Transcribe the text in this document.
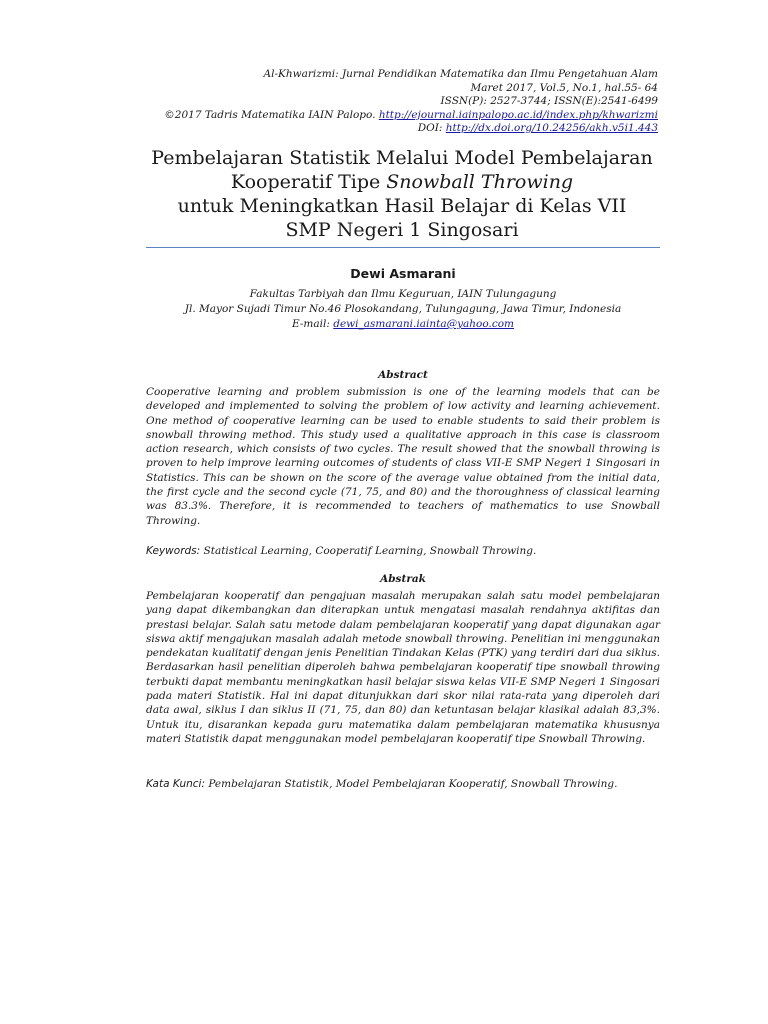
Al-Khwarizmi: Jurnal Pendidikan Matematika dan Ilmu Pengetahuan Alam
Maret 2017, Vol.5, No.1, hal.55- 64
ISSN(P): 2527-3744; ISSN(E):2541-6499
©2017 Tadris Matematika IAIN Palopo. http://ejournal.iainpalopo.ac.id/index.php/khwarizmi
DOI: http://dx.doi.org/10.24256/akh.v5i1.443
Pembelajaran Statistik Melalui Model Pembelajaran
Kooperatif Tipe Snowball Throwing
untuk Meningkatkan Hasil Belajar di Kelas VII
SMP Negeri 1 Singosari
Dewi Asmarani
Fakultas Tarbiyah dan Ilmu Keguruan, IAIN Tulungagung
Jl. Mayor Sujadi Timur No.46 Plosokandang, Tulungagung, Jawa Timur, Indonesia
E-mail: dewi_asmarani.iainta@yahoo.com
Abstract

Cooperative learning and problem submission is one of the learning models that can be developed and implemented to solving the problem of low activity and learning achievement. One method of cooperative learning can be used to enable students to said their problem is snowball throwing method. This study used a qualitative approach in this case is classroom action research, which consists of two cycles. The result showed that the snowball throwing is proven to help improve learning outcomes of students of class VII-E SMP Negeri 1 Singosari in Statistics. This can be shown on the score of the average value obtained from the initial data, the first cycle and the second cycle (71, 75, and 80) and the thoroughness of classical learning was 83.3%. Therefore, it is recommended to teachers of mathematics to use Snowball Throwing.

Keywords: Statistical Learning, Cooperatif Learning, Snowball Throwing.
Abstrak

Pembelajaran kooperatif dan pengajuan masalah merupakan salah satu model pembelajaran yang dapat dikembangkan dan diterapkan untuk mengatasi masalah rendahnya aktifitas dan prestasi belajar. Salah satu metode dalam pembelajaran kooperatif yang dapat digunakan agar siswa aktif mengajukan masalah adalah metode snowball throwing. Penelitian ini menggunakan pendekatan kualitatif dengan jenis Penelitian Tindakan Kelas (PTK) yang terdiri dari dua siklus. Berdasarkan hasil penelitian diperoleh bahwa pembelajaran kooperatif tipe snowball throwing terbukti dapat membantu meningkatkan hasil belajar siswa kelas VII-E SMP Negeri 1 Singosari pada materi Statistik. Hal ini dapat ditunjukkan dari skor nilai rata-rata yang diperoleh dari data awal, siklus I dan siklus II (71, 75, dan 80) dan ketuntasan belajar klasikal adalah 83,3%. Untuk itu, disarankan kepada guru matematika dalam pembelajaran matematika khususnya materi Statistik dapat menggunakan model pembelajaran kooperatif tipe Snowball Throwing.

Kata Kunci: Pembelajaran Statistik, Model Pembelajaran Kooperatif, Snowball Throwing.
